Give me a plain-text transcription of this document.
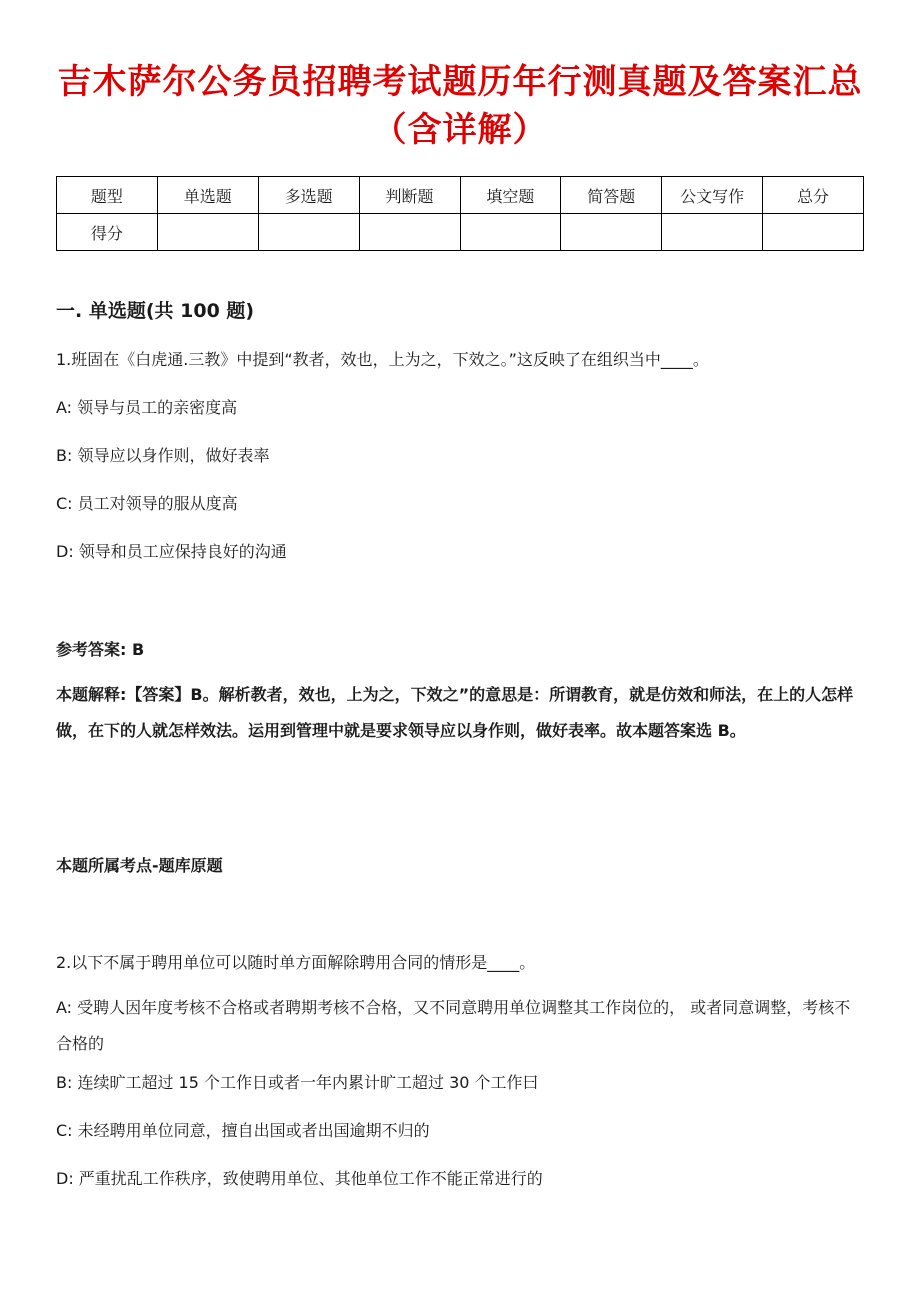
吉木萨尔公务员招聘考试题历年行测真题及答案汇总（含详解）
题型	单选题	多选题	判断题	填空题	简答题	公文写作	总分
得分							
一. 单选题(共 100 题)
1.班固在《白虎通.三教》中提到“教者，效也，上为之，下效之。”这反映了在组织当中____。
A: 领导与员工的亲密度高
B: 领导应以身作则，做好表率
C: 员工对领导的服从度高
D: 领导和员工应保持良好的沟通
参考答案: B
本题解释:【答案】B。解析教者，效也，上为之，下效之”的意思是：所谓教育，就是仿效和师法，在上的人怎样做，在下的人就怎样效法。运用到管理中就是要求领导应以身作则，做好表率。故本题答案选 B。
本题所属考点-题库原题
2.以下不属于聘用单位可以随时单方面解除聘用合同的情形是____。
A: 受聘人因年度考核不合格或者聘期考核不合格，又不同意聘用单位调整其工作岗位的， 或者同意调整，考核不合格的
B: 连续旷工超过 15 个工作日或者一年内累计旷工超过 30 个工作曰
C: 未经聘用单位同意，擅自出国或者出国逾期不归的
D: 严重扰乱工作秩序，致使聘用单位、其他单位工作不能正常进行的
